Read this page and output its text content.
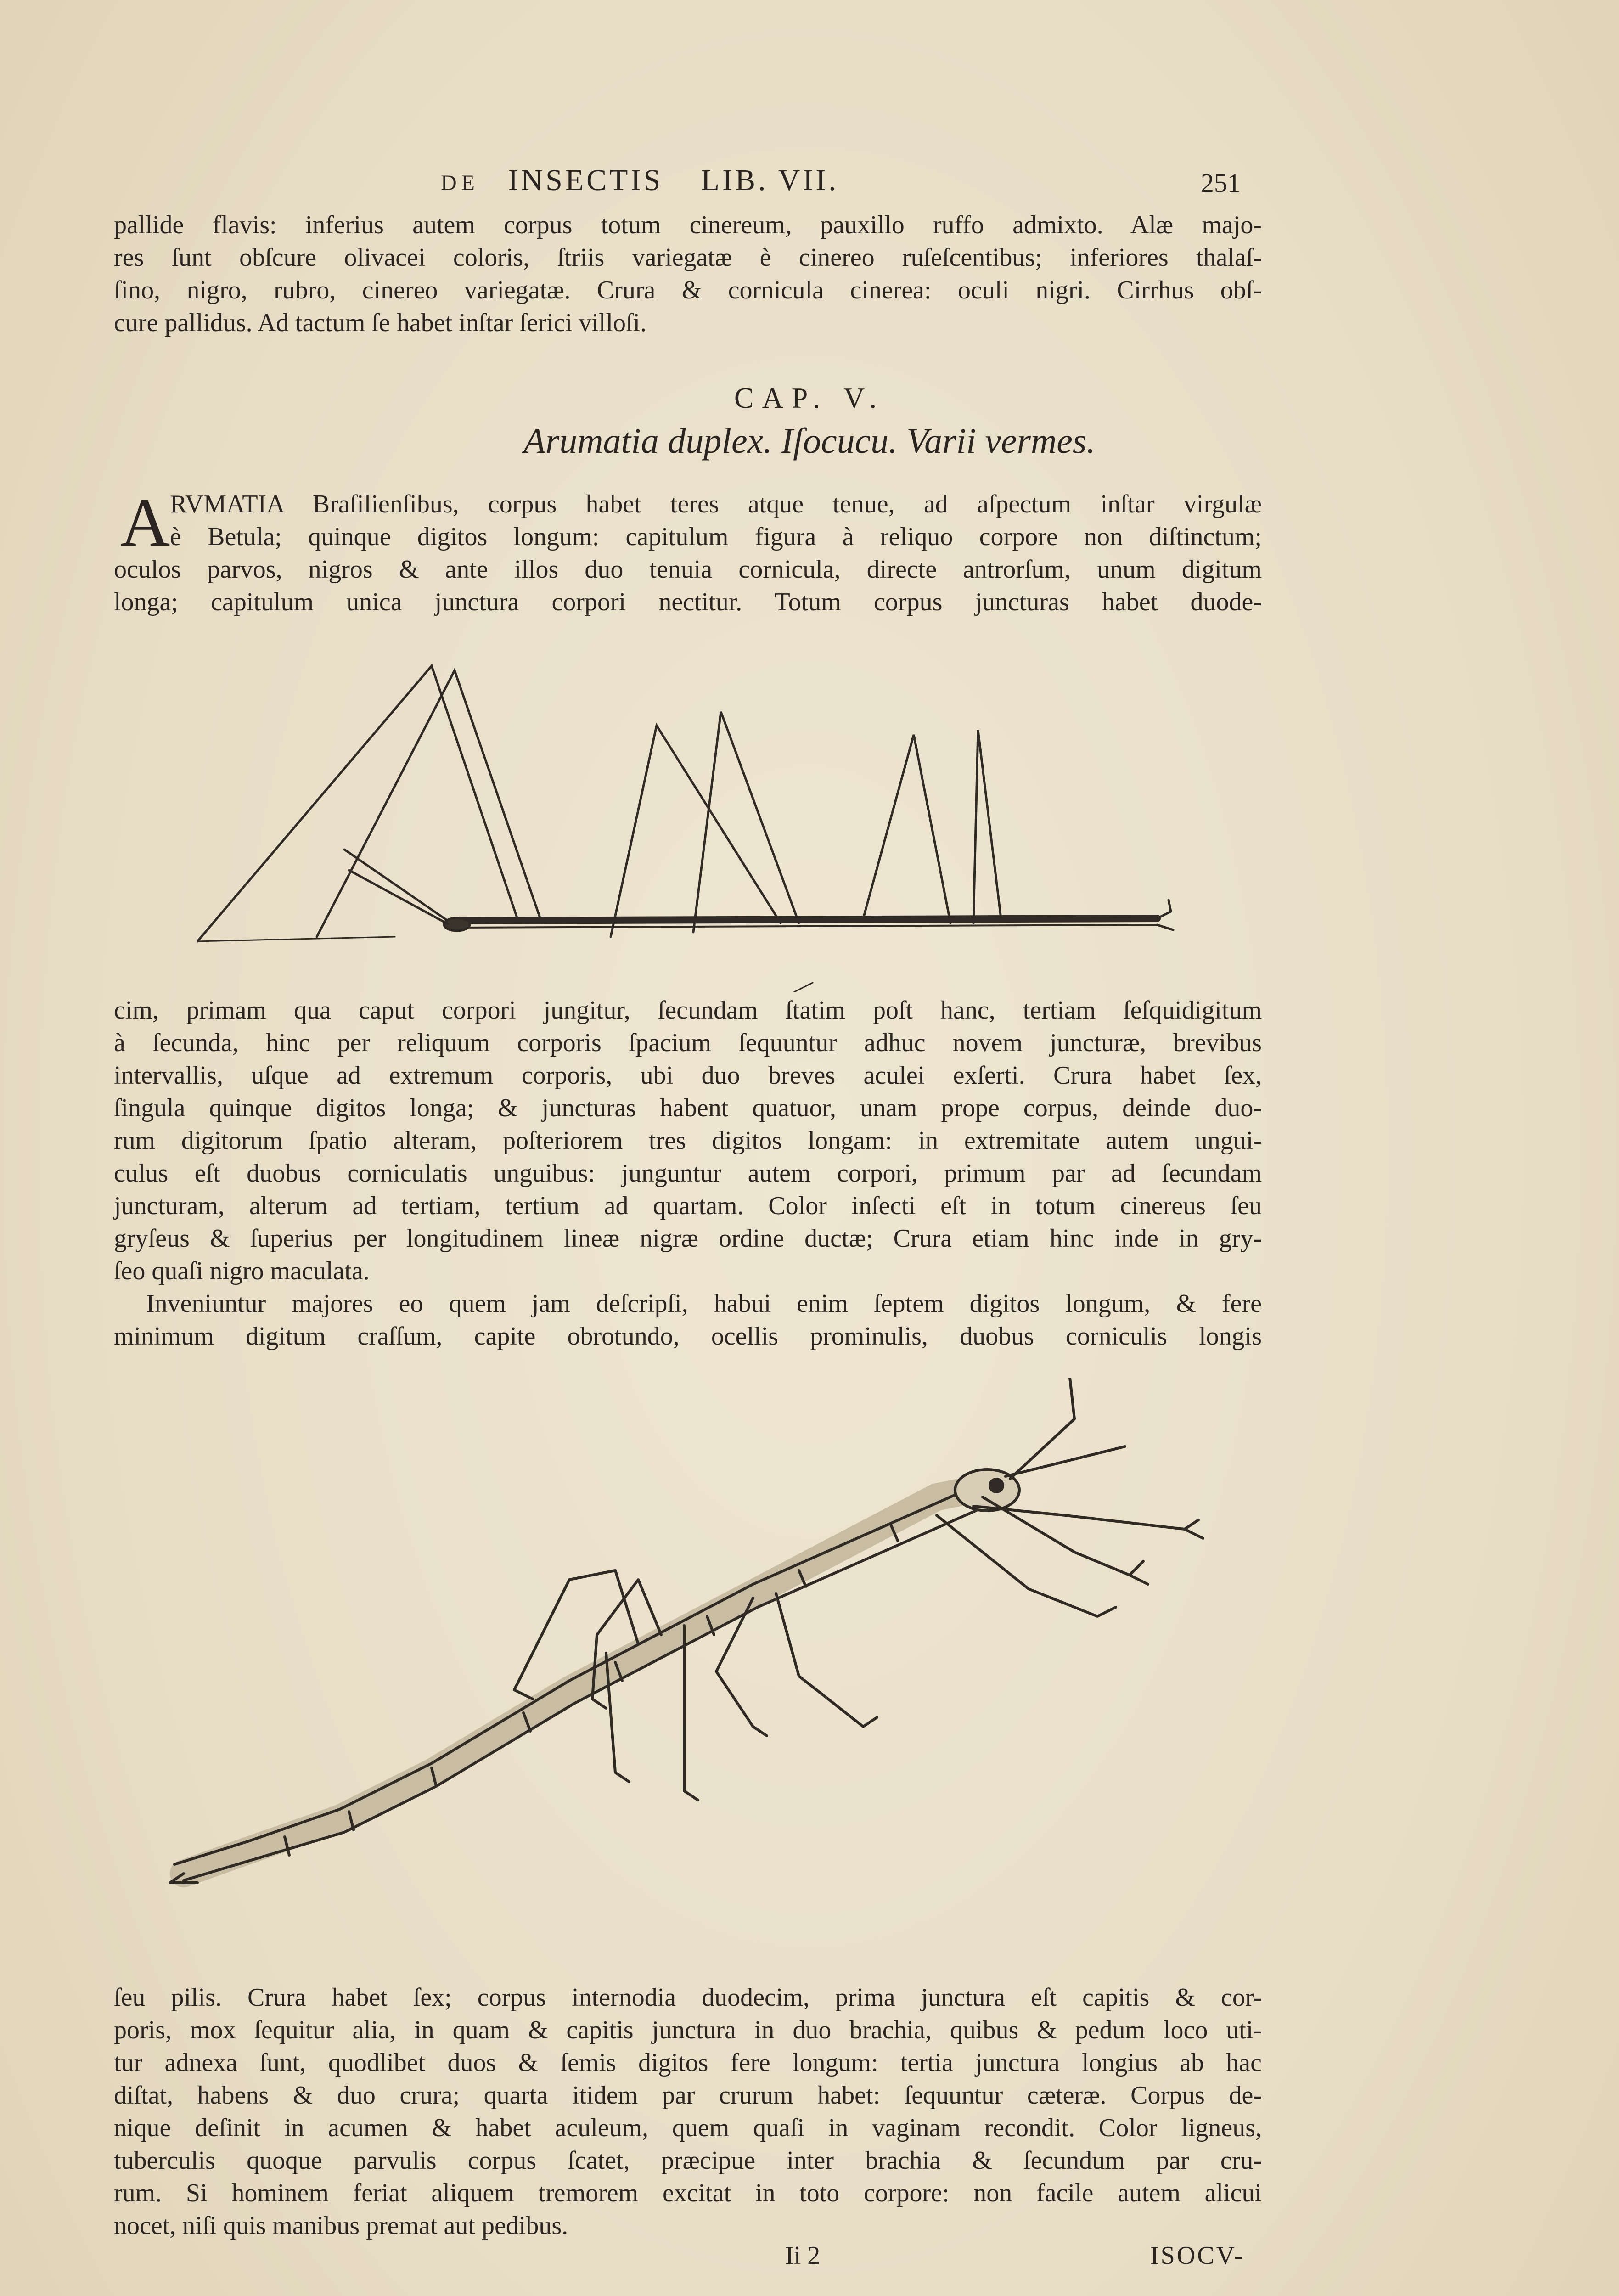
DE INSECTIS LIB. VII.	251
pallide flavis: inferius autem corpus totum cinereum, pauxillo ruffo admixto. Alæ majo-
res ſunt obſcure olivacei coloris, ſtriis variegatæ è cinereo ruſeſcentibus; inferiores thalaſ-
ſino, nigro, rubro, cinereo variegatæ. Crura & cornicula cinerea: oculi nigri. Cirrhus obſ-
cure pallidus. Ad tactum ſe habet inſtar ſerici villoſi.
CAP. V.
Arumatia duplex. Iſocucu. Varii vermes.
A RVMATIA Braſilienſibus, corpus habet teres atque tenue, ad aſpectum inſtar virgulæ
è Betula; quinque digitos longum: capitulum figura à reliquo corpore non diſtinctum;
oculos parvos, nigros & ante illos duo tenuia cornicula, directe antrorſum, unum digitum
longa; capitulum unica junctura corpori nectitur. Totum corpus juncturas habet duode-
cim, primam qua caput corpori jungitur, ſecundam ſtatim poſt hanc, tertiam ſeſquidigitum
à ſecunda, hinc per reliquum corporis ſpacium ſequuntur adhuc novem juncturæ, brevibus
intervallis, uſque ad extremum corporis, ubi duo breves aculei exſerti. Crura habet ſex,
ſingula quinque digitos longa; & juncturas habent quatuor, unam prope corpus, deinde duo-
rum digitorum ſpatio alteram, poſteriorem tres digitos longam: in extremitate autem ungui-
culus eſt duobus corniculatis unguibus: junguntur autem corpori, primum par ad ſecundam
juncturam, alterum ad tertiam, tertium ad quartam. Color inſecti eſt in totum cinereus ſeu
gryſeus & ſuperius per longitudinem lineæ nigræ ordine ductæ; Crura etiam hinc inde in gry-
ſeo quaſi nigro maculata.
Inveniuntur majores eo quem jam deſcripſi, habui enim ſeptem digitos longum, & fere
minimum digitum craſſum, capite obrotundo, ocellis prominulis, duobus corniculis longis
ſeu pilis. Crura habet ſex; corpus internodia duodecim, prima junctura eſt capitis & cor-
poris, mox ſequitur alia, in quam & capitis junctura in duo brachia, quibus & pedum loco uti-
tur adnexa ſunt, quodlibet duos & ſemis digitos fere longum: tertia junctura longius ab hac
diſtat, habens & duo crura; quarta itidem par crurum habet: ſequuntur cæteræ. Corpus de-
nique deſinit in acumen & habet aculeum, quem quaſi in vaginam recondit. Color ligneus,
tuberculis quoque parvulis corpus ſcatet, præcipue inter brachia & ſecundum par cru-
rum. Si hominem feriat aliquem tremorem excitat in toto corpore: non facile autem alicui
nocet, niſi quis manibus premat aut pedibus.
Ii 2	ISOCV-
